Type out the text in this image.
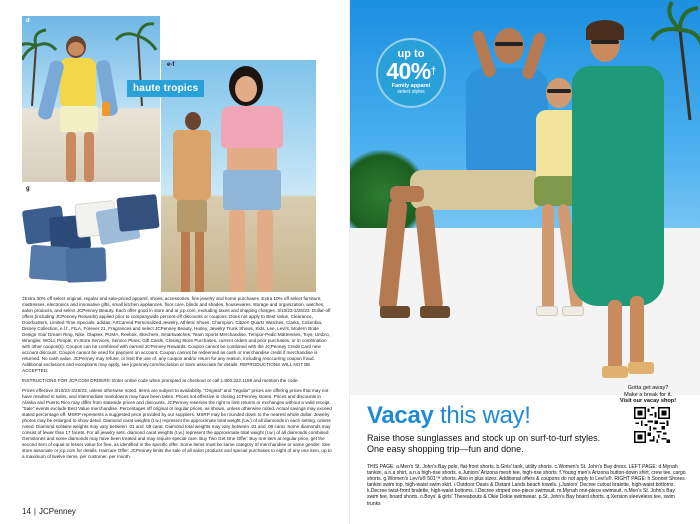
d
e-f
haute tropics
g

‡Extra 30% off select original, regular and sale-priced apparel, shoes, accessories, fine jewelry and home purchases. Extra 10% off select furniture, mattresses, electronics and innovative gifts, small kitchen appliances, floor care, blinds and shades, housewares, storage and organization, watches, salon products, and select JCPenney Beauty. Each offer good in store and at jcp.com, excluding taxes and shipping charges. 3/10/23-3/26/23. Dollar-off offers (including JCPenney Rewards) applied prior to companywide percent-off discounts or coupons. Does not apply to Best Value, Clearance, Doorbusters, Limited Time Specials, adidas, ArtCarved Personalized Jewelry, Athletic Shoes, Champion, Citizen Quartz Watches, Clarks, Columbia, Disney Collection, e.l.f., FILA, Forever 21, Fragrances and select JCPenney Beauty, Hurley, Jewelry Trunk Shows, Kids, Lee, Levi's, Modern Bride Design Your Dream Ring, Nike, Olaplex, PUMA, Reebok, Skechers, Smartwatches, Team Sports Merchandise, Tempur-Pedic Mattresses, Toys, Umbro, Wrangler, WOLL People, In-Store Services, Service Plans, Gift Cards, Closing Store Purchases, current orders and prior purchases, or in combination with other coupon(s). Coupon can be combined with earned JCPenney Rewards. Coupon cannot be combined with the JCPenney Credit Card new account discount. Coupon cannot be used for payment on account. Coupon cannot be redeemed as cash or merchandise credit if merchandise is returned. No cash value. JCPenney may refuse, or limit the use of, any coupon and/or return for any reason, including reoccurring coupon fraud. Additional exclusions and exceptions may apply, see jcpenney.com/exclusion or store associate for details. REPRODUCTIONS WILL NOT BE ACCEPTED.

INSTRUCTIONS FOR JCP.COM ORDERS: Enter online code when prompted at checkout or call 1.800.322.1189 and mention the code.

Prices effective 3/10/23-3/26/23, unless otherwise noted. Items are subject to availability. "Original" and "regular" prices are offering prices that may not have resulted in sales, and intermediate markdowns may have been taken. Prices not effective in closing JCPenney stores. Prices and discounts in Alaska and Puerto Rico may differ from stateside prices and discounts. JCPenney reserves the right to limit returns or exchanges without a valid receipt. "Sale" events exclude Best Value merchandise. Percentages off original or regular prices, as shown, unless otherwise noted. Actual savings may exceed stated percentage off. MSRP represents a suggested price provided by our suppliers. MSRP may be rounded down to the nearest whole dollar. Jewelry photos may be enlarged to show detail. Diamond carat weights (t.w.) represent the approximate total weight (t.w.) of all diamonds in each setting, unless noted. Diamond solitaire weights may vary between .01 and .08 carat. Diamond total weights may vary between .01 and .08 carat. Some diamonds may consist of fewer than 17 facets. For all jewelry sets, diamond carat weights (t.w.) represent the approximate total weight (t.w.) of all diamonds combined. Gemstones and some diamonds may have been treated and may require special care. Buy Two Get One Offer: Buy one item at regular price, get the second item of equal or lesser value for free, as identified in the specific offer. Some items must be same category of merchandise or same gender. See store associate or jcp.com for details. Haircare Offer: JCPenney limits the sale of all salon products and special purchases to eight of any one item, up to a maximum of twelve items, per customer, per month.

14 | JCPenney
up to
40%†
Family apparel
select styles
Gotta get away?
Make a break for it.
Visit our vacay shop!
Vacay this way!
Raise those sunglasses and stock up on surf-to-turf styles. One easy shopping trip—fun and done.
THIS PAGE: a.Men's St. John's Bay polo, flat-front shorts. b.Girls' tank, utility shorts. c.Women's St. John's Bay dress. LEFT PAGE: d.Mynah tankini, a.n.a shirt, a.n.a high-rise shorts. e.Juniors' Arizona mesh tee, high-rise shorts. f.Young men's Arizona button-down shirt, crew tee, cargo shorts. g.Women's Levi's® 501™ shorts. Also in plus sizes. Additional offers & coupons do not apply to Levi's®. RIGHT PAGE: h.Sonnet Shores tankini swim top, high-waist swim skirt. i.Outdoor Oasis & Distant Lands beach towels. j.Juniors' Decree cutout bralette, high-waist bottoms. k.Decree twist-front bralette, high-waist bottoms. l.Decree striped one-piece swimsuit. m.Mynah one-piece swimsuit. n.Men's St. John's Bay swim tee, board shorts. o.Boys' & girls' Thereabouts & Okie Dokie swimwear. p.St. John's Bay board shorts. q.Xersion sleeveless tee, swim trunks
